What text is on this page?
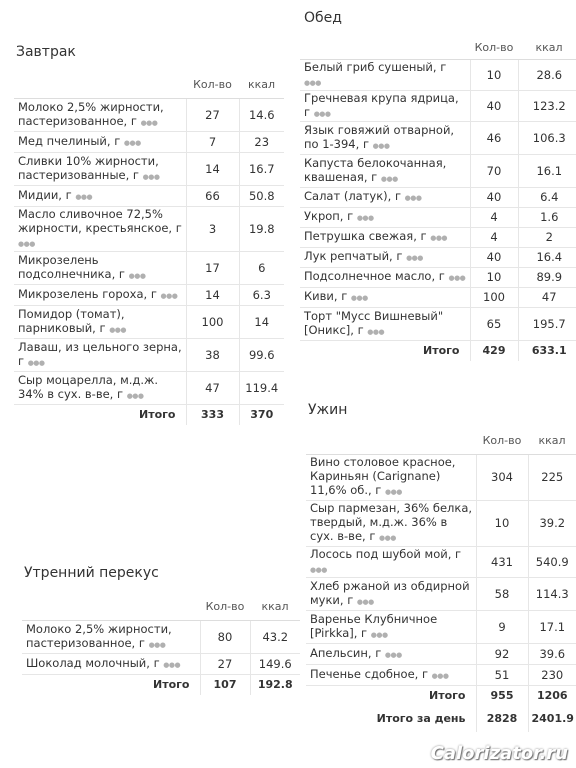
Завтрак
	Кол-во	ккал
Молоко 2,5% жирности, пастеризованное, г ●●●	27	14.6
Мед пчелиный, г ●●●	7	23
Сливки 10% жирности, пастеризованные, г ●●●	14	16.7
Мидии, г ●●●	66	50.8
Масло сливочное 72,5% жирности, крестьянское, г ●●●	3	19.8
Микрозелень подсолнечника, г ●●●	17	6
Микрозелень гороха, г ●●●	14	6.3
Помидор (томат), парниковый, г ●●●	100	14
Лаваш, из цельного зерна, г ●●●	38	99.6
Сыр моцарелла, м.д.ж. 34% в сух. в-ве, г ●●●	47	119.4
Итого	333	370
Утренний перекус
	Кол-во	ккал
Молоко 2,5% жирности, пастеризованное, г ●●●	80	43.2
Шоколад молочный, г ●●●	27	149.6
Итого	107	192.8
Обед
	Кол-во	ккал
Белый гриб сушеный, г ●●●	10	28.6
Гречневая крупа ядрица, г ●●●	40	123.2
Язык говяжий отварной, по 1-394, г ●●●	46	106.3
Капуста белокочанная, квашеная, г ●●●	70	16.1
Салат (латук), г ●●●	40	6.4
Укроп, г ●●●	4	1.6
Петрушка свежая, г ●●●	4	2
Лук репчатый, г ●●●	40	16.4
Подсолнечное масло, г ●●●	10	89.9
Киви, г ●●●	100	47
Торт "Мусс Вишневый" [Оникс], г ●●●	65	195.7
Итого	429	633.1
Ужин
	Кол-во	ккал
Вино столовое красное, Кариньян (Carignane) 11,6% об., г ●●●	304	225
Сыр пармезан, 36% белка, твердый, м.д.ж. 36% в сух. в-ве, г ●●●	10	39.2
Лосось под шубой мой, г ●●●	431	540.9
Хлеб ржаной из обдирной муки, г ●●●	58	114.3
Варенье Клубничное [Pirkka], г ●●●	9	17.1
Апельсин, г ●●●	92	39.6
Печенье сдобное, г ●●●	51	230
Итого	955	1206
Итого за день	2828	2401.9
Calorizator.ru
